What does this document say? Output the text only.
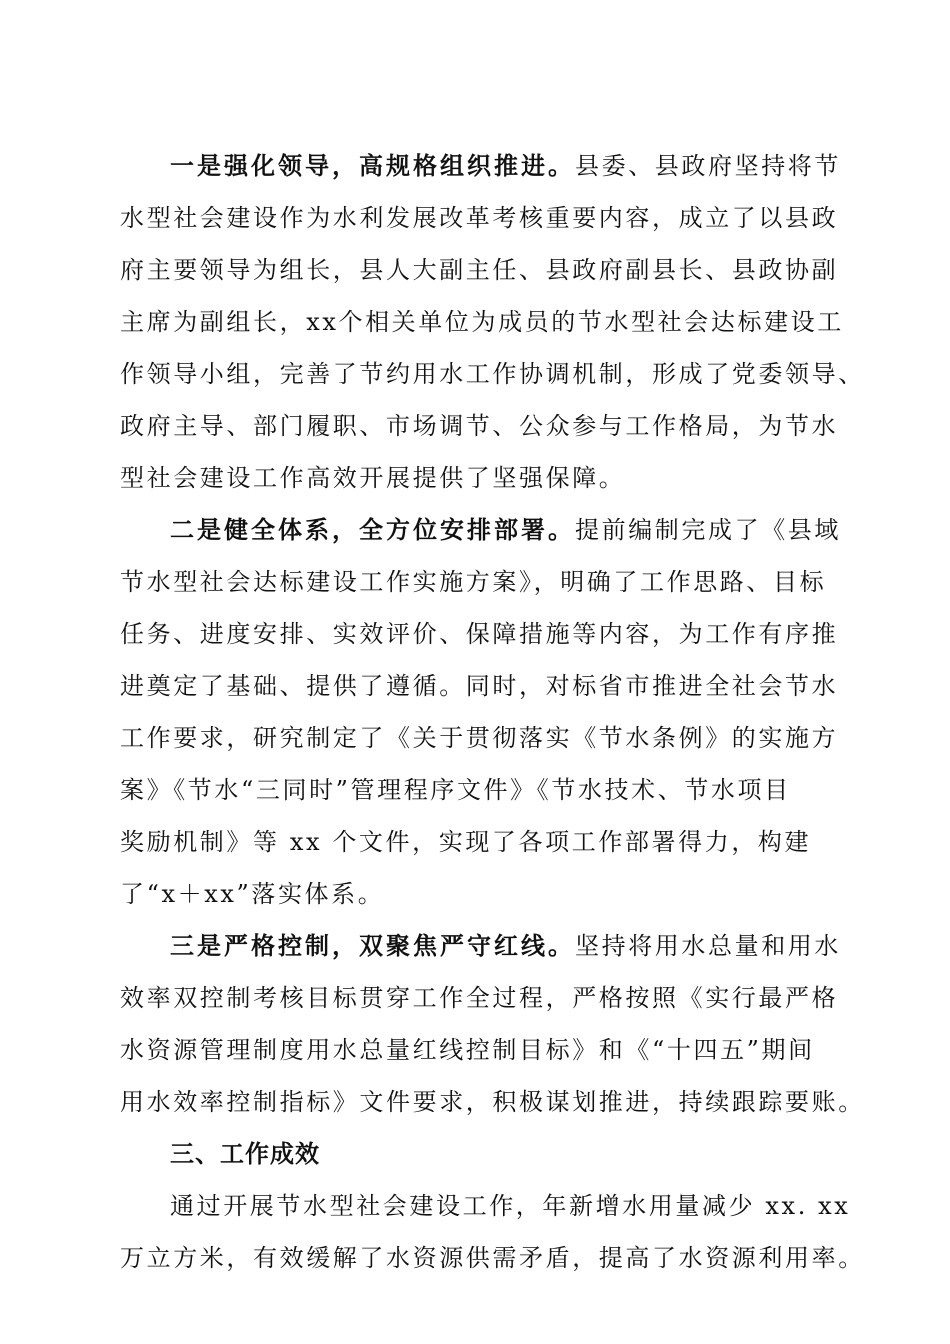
一是强化领导，高规格组织推进。县委、县政府坚持将节
水型社会建设作为水利发展改革考核重要内容，成立了以县政
府主要领导为组长，县人大副主任、县政府副县长、县政协副
主席为副组长，xx个相关单位为成员的节水型社会达标建设工
作领导小组，完善了节约用水工作协调机制，形成了党委领导、
政府主导、部门履职、市场调节、公众参与工作格局，为节水
型社会建设工作高效开展提供了坚强保障。
二是健全体系，全方位安排部署。提前编制完成了《县域
节水型社会达标建设工作实施方案》，明确了工作思路、目标
任务、进度安排、实效评价、保障措施等内容，为工作有序推
进奠定了基础、提供了遵循。同时，对标省市推进全社会节水
工作要求，研究制定了《关于贯彻落实《节水条例》的实施方
案》《节水“三同时”管理程序文件》《节水技术、节水项目
奖励机制》等 xx 个文件，实现了各项工作部署得力，构建
了“x＋xx”落实体系。
三是严格控制，双聚焦严守红线。坚持将用水总量和用水
效率双控制考核目标贯穿工作全过程，严格按照《实行最严格
水资源管理制度用水总量红线控制目标》和《“十四五”期间
用水效率控制指标》文件要求，积极谋划推进，持续跟踪要账。
三、工作成效
通过开展节水型社会建设工作，年新增水用量减少 xx. xx
万立方米，有效缓解了水资源供需矛盾，提高了水资源利用率。
